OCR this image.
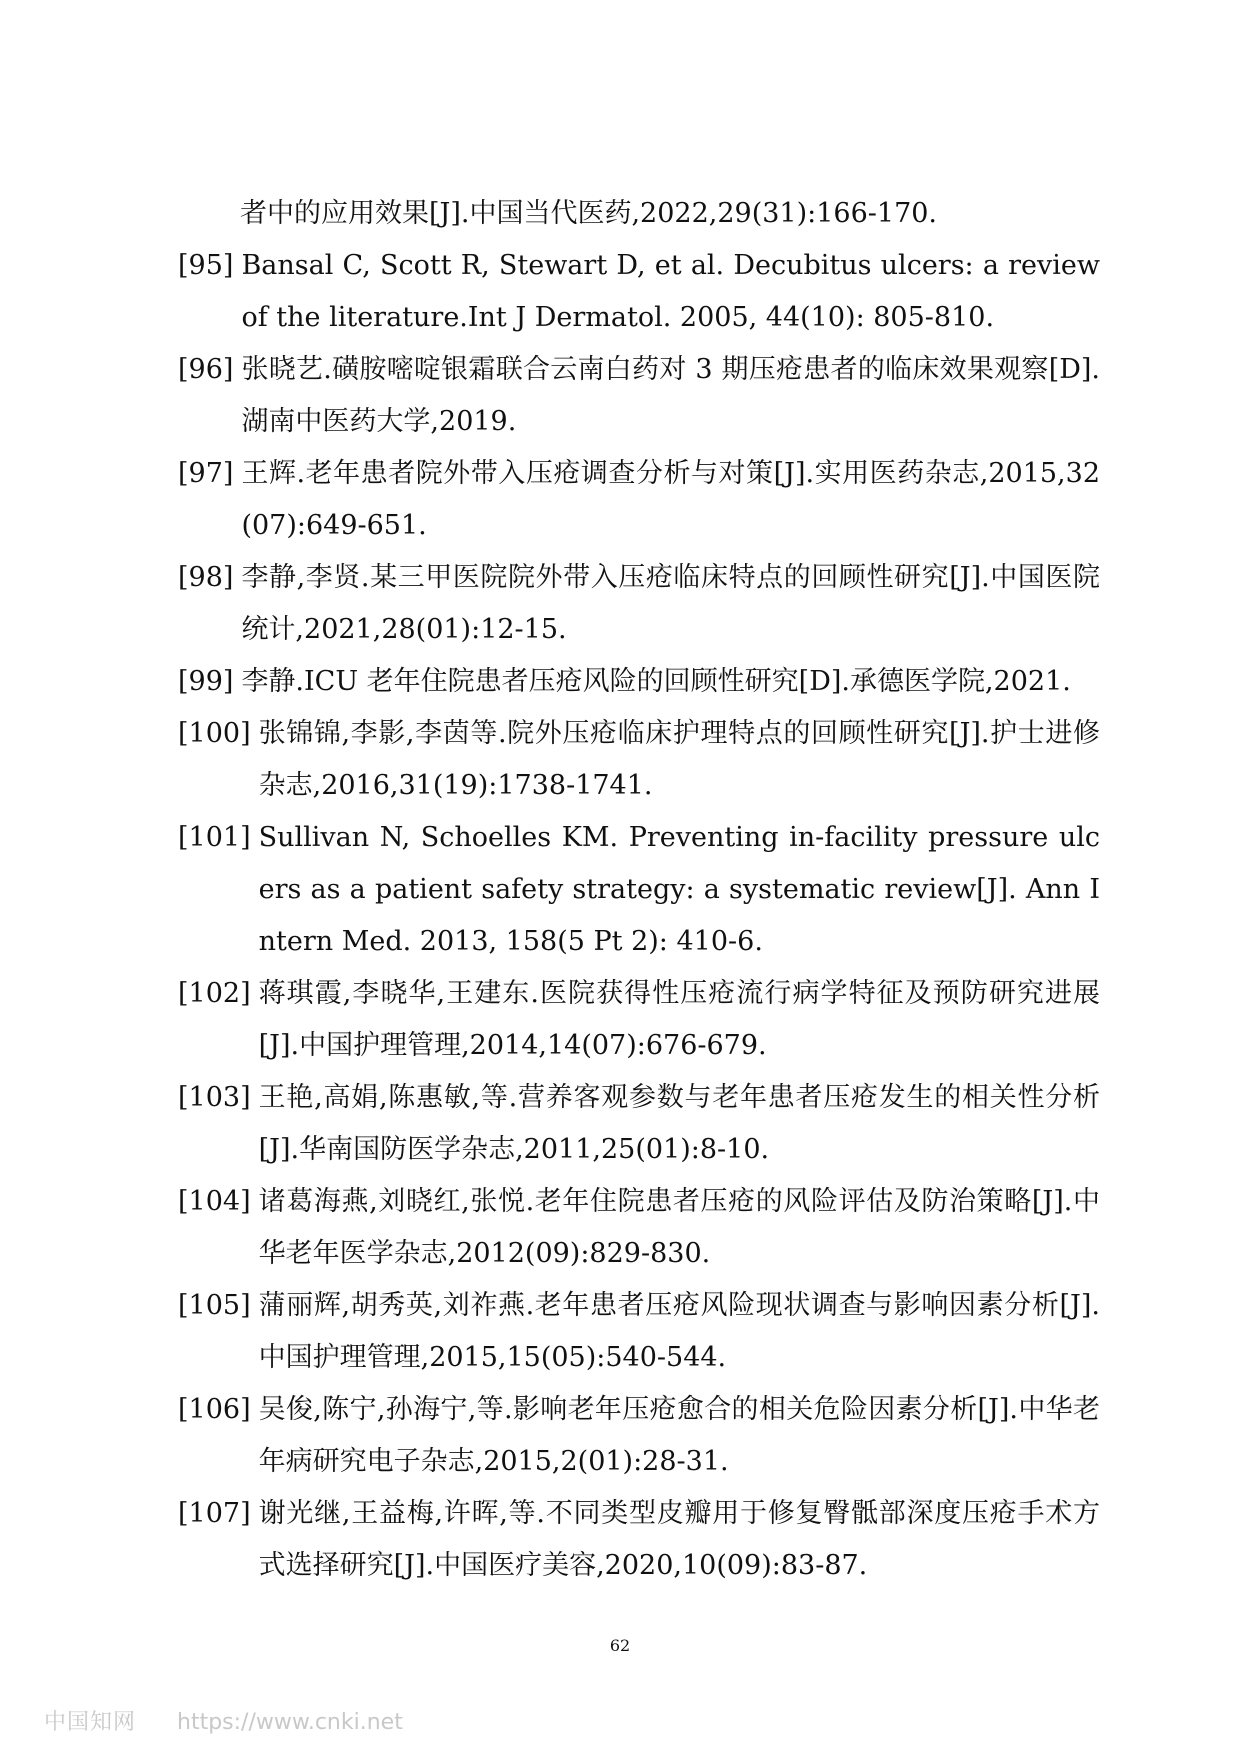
者中的应用效果[J].中国当代医药,2022,29(31):166-170.
[95] Bansal C, Scott R, Stewart D, et al. Decubitus ulcers: a review of the literature.Int J Dermatol. 2005, 44(10): 805-810.
[96] 张晓艺.磺胺嘧啶银霜联合云南白药对 3 期压疮患者的临床效果观察[D].湖南中医药大学,2019.
[97] 王辉.老年患者院外带入压疮调查分析与对策[J].实用医药杂志,2015,32(07):649-651.
[98] 李静,李贤.某三甲医院院外带入压疮临床特点的回顾性研究[J].中国医院统计,2021,28(01):12-15.
[99] 李静.ICU 老年住院患者压疮风险的回顾性研究[D].承德医学院,2021.
[100] 张锦锦,李影,李茵等.院外压疮临床护理特点的回顾性研究[J].护士进修杂志,2016,31(19):1738-1741.
[101] Sullivan N, Schoelles KM. Preventing in-facility pressure ulcers as a patient safety strategy: a systematic review[J]. Ann Intern Med. 2013, 158(5 Pt 2): 410-6.
[102] 蒋琪霞,李晓华,王建东.医院获得性压疮流行病学特征及预防研究进展[J].中国护理管理,2014,14(07):676-679.
[103] 王艳,高娟,陈惠敏,等.营养客观参数与老年患者压疮发生的相关性分析[J].华南国防医学杂志,2011,25(01):8-10.
[104] 诸葛海燕,刘晓红,张悦.老年住院患者压疮的风险评估及防治策略[J].中华老年医学杂志,2012(09):829-830.
[105] 蒲丽辉,胡秀英,刘祚燕.老年患者压疮风险现状调查与影响因素分析[J].中国护理管理,2015,15(05):540-544.
[106] 吴俊,陈宁,孙海宁,等.影响老年压疮愈合的相关危险因素分析[J].中华老年病研究电子杂志,2015,2(01):28-31.
[107] 谢光继,王益梅,许晖,等.不同类型皮瓣用于修复臀骶部深度压疮手术方式选择研究[J].中国医疗美容,2020,10(09):83-87.
62
中国知网 https://www.cnki.net
